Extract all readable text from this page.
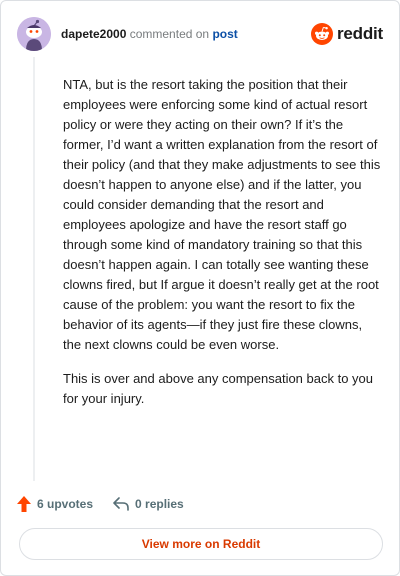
dapete2000 commented on post	reddit

NTA, but is the resort taking the position that their employees were enforcing some kind of actual resort policy or were they acting on their own? If it’s the former, I’d want a written explanation from the resort of their policy (and that they make adjustments to see this doesn’t happen to anyone else) and if the latter, you could consider demanding that the resort and employees apologize and have the resort staff go through some kind of mandatory training so that this doesn’t happen again. I can totally see wanting these clowns fired, but If argue it doesn’t really get at the root cause of the problem: you want the resort to fix the behavior of its agents—if they just fire these clowns, the next clowns could be even worse.

This is over and above any compensation back to you for your injury.

6 upvotes	0 replies
View more on Reddit
